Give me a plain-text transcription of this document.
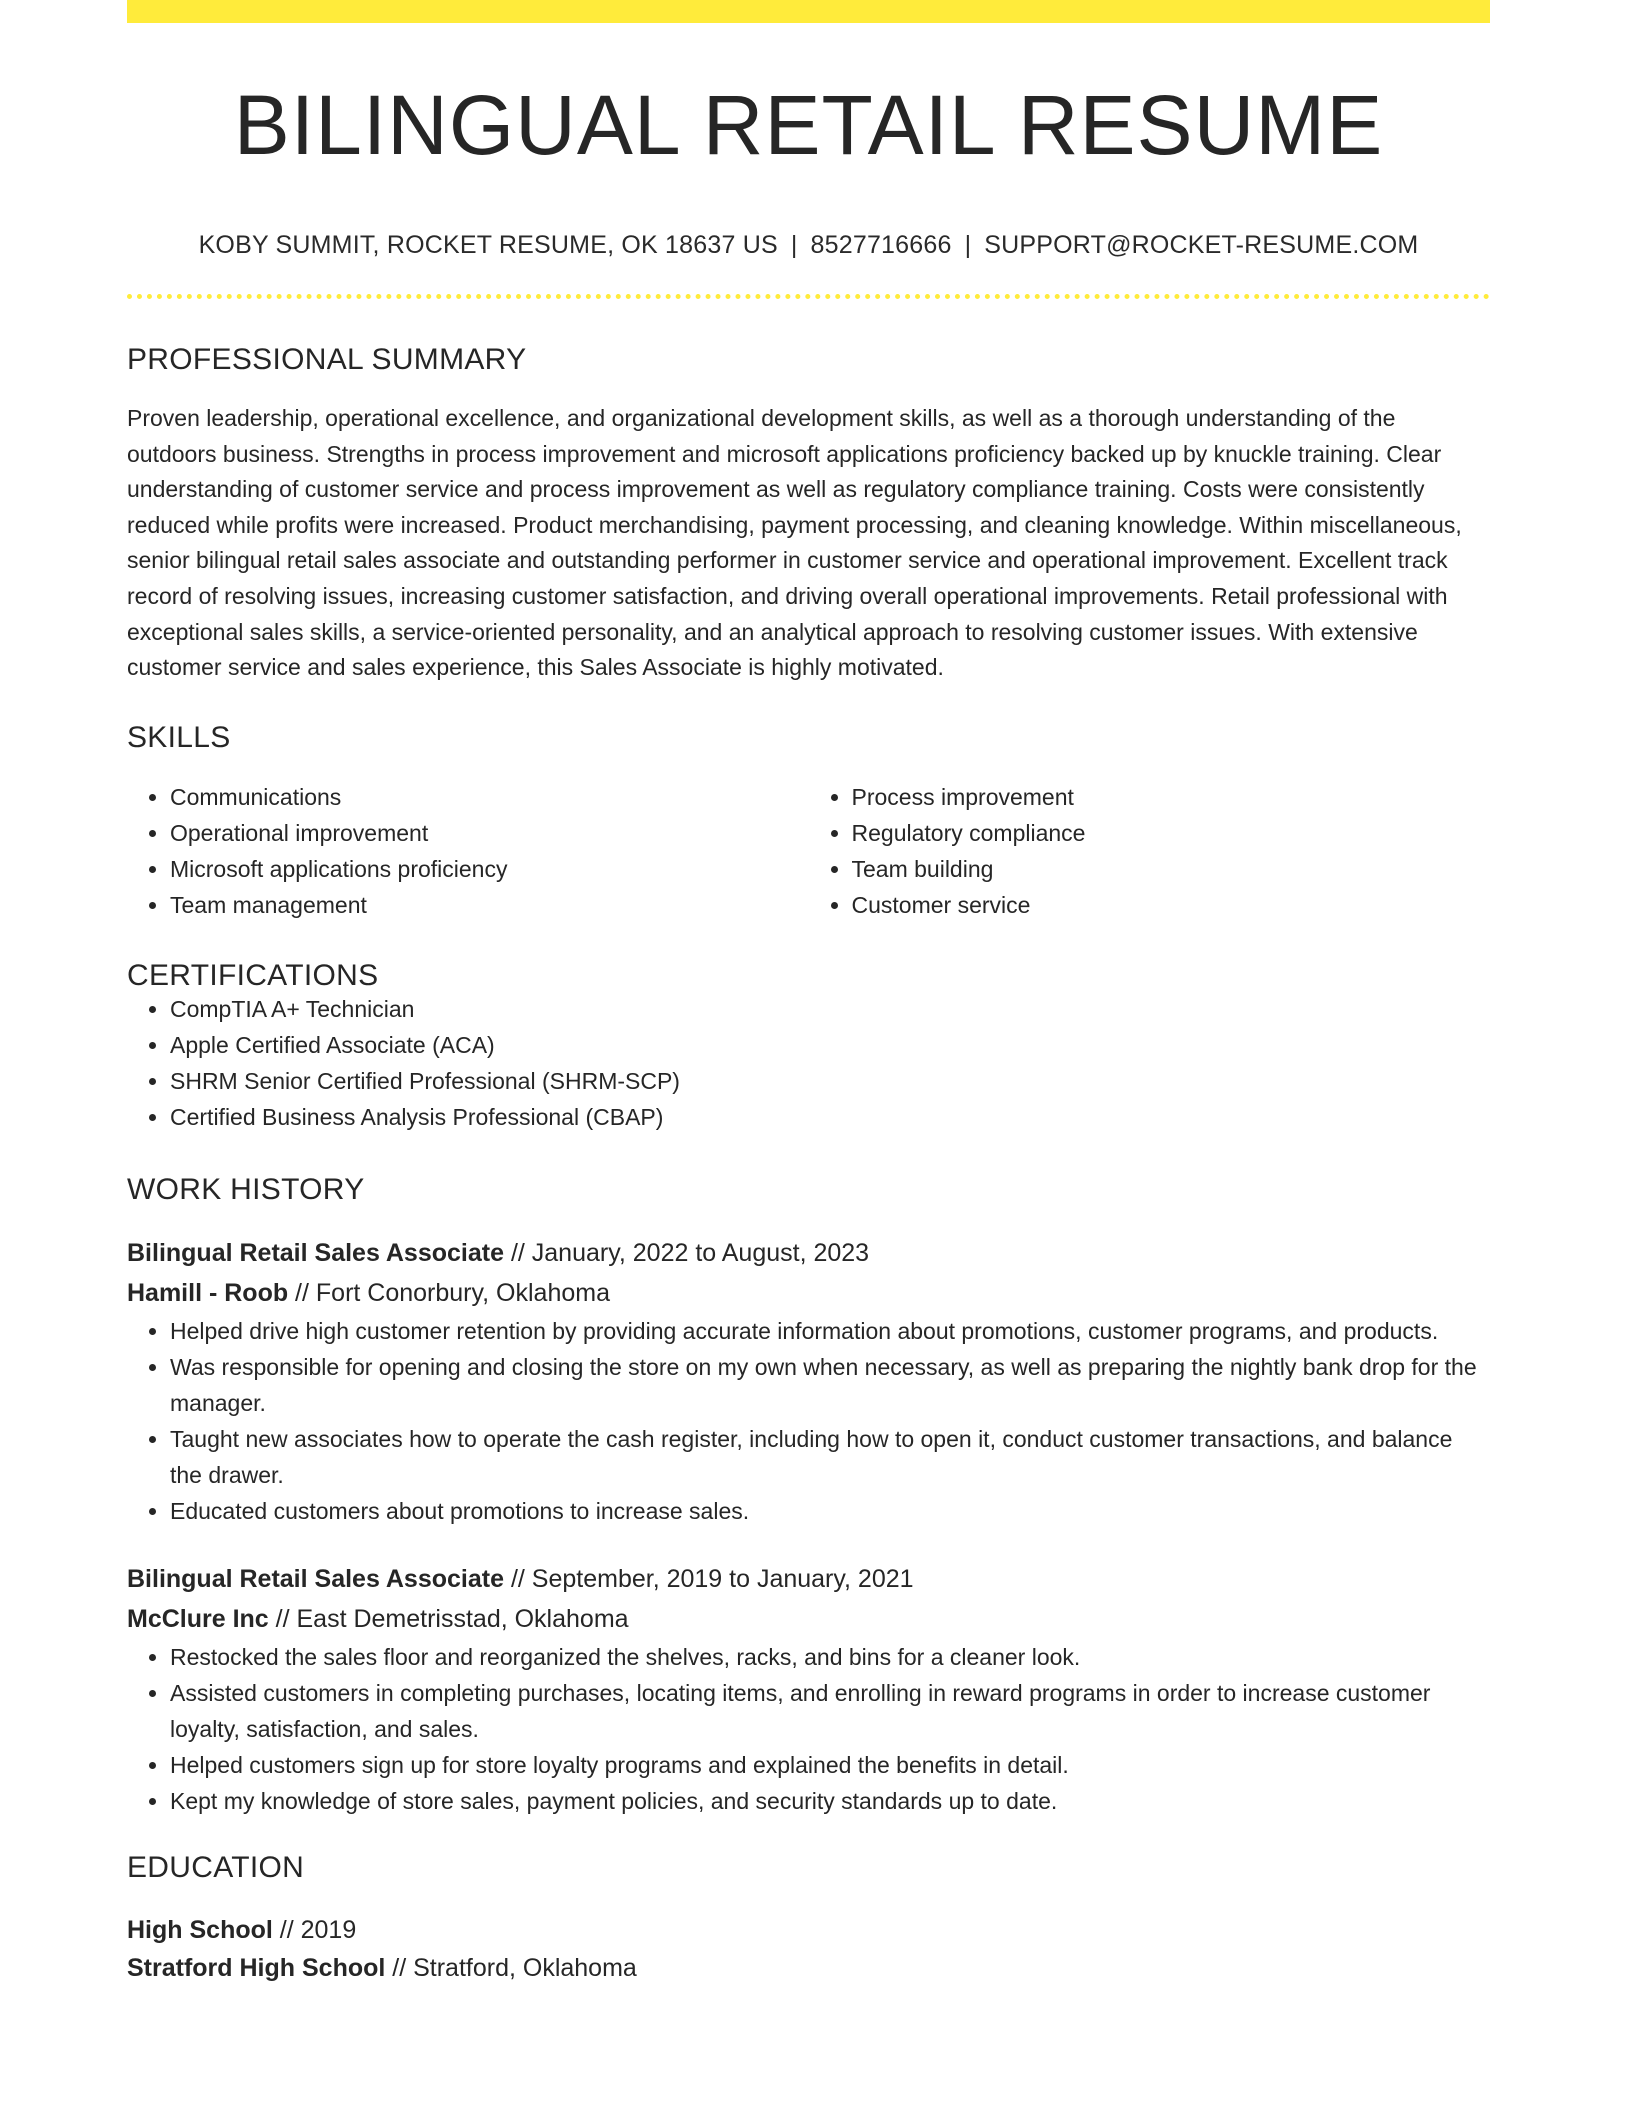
BILINGUAL RETAIL RESUME
KOBY SUMMIT, ROCKET RESUME, OK 18637 US | 8527716666 | SUPPORT@ROCKET-RESUME.COM
PROFESSIONAL SUMMARY

Proven leadership, operational excellence, and organizational development skills, as well as a thorough understanding of the outdoors business. Strengths in process improvement and microsoft applications proficiency backed up by knuckle training. Clear understanding of customer service and process improvement as well as regulatory compliance training. Costs were consistently reduced while profits were increased. Product merchandising, payment processing, and cleaning knowledge. Within miscellaneous, senior bilingual retail sales associate and outstanding performer in customer service and operational improvement. Excellent track record of resolving issues, increasing customer satisfaction, and driving overall operational improvements. Retail professional with exceptional sales skills, a service-oriented personality, and an analytical approach to resolving customer issues. With extensive customer service and sales experience, this Sales Associate is highly motivated.

SKILLS
• Communications
• Operational improvement
• Microsoft applications proficiency
• Team management
• Process improvement
• Regulatory compliance
• Team building
• Customer service
CERTIFICATIONS
• CompTIA A+ Technician
• Apple Certified Associate (ACA)
• SHRM Senior Certified Professional (SHRM-SCP)
• Certified Business Analysis Professional (CBAP)
WORK HISTORY
Bilingual Retail Sales Associate // January, 2022 to August, 2023
Hamill - Roob // Fort Conorbury, Oklahoma
• Helped drive high customer retention by providing accurate information about promotions, customer programs, and products.
• Was responsible for opening and closing the store on my own when necessary, as well as preparing the nightly bank drop for the manager.
• Taught new associates how to operate the cash register, including how to open it, conduct customer transactions, and balance the drawer.
• Educated customers about promotions to increase sales.
Bilingual Retail Sales Associate // September, 2019 to January, 2021
McClure Inc // East Demetrisstad, Oklahoma
• Restocked the sales floor and reorganized the shelves, racks, and bins for a cleaner look.
• Assisted customers in completing purchases, locating items, and enrolling in reward programs in order to increase customer loyalty, satisfaction, and sales.
• Helped customers sign up for store loyalty programs and explained the benefits in detail.
• Kept my knowledge of store sales, payment policies, and security standards up to date.
EDUCATION
High School // 2019
Stratford High School // Stratford, Oklahoma
